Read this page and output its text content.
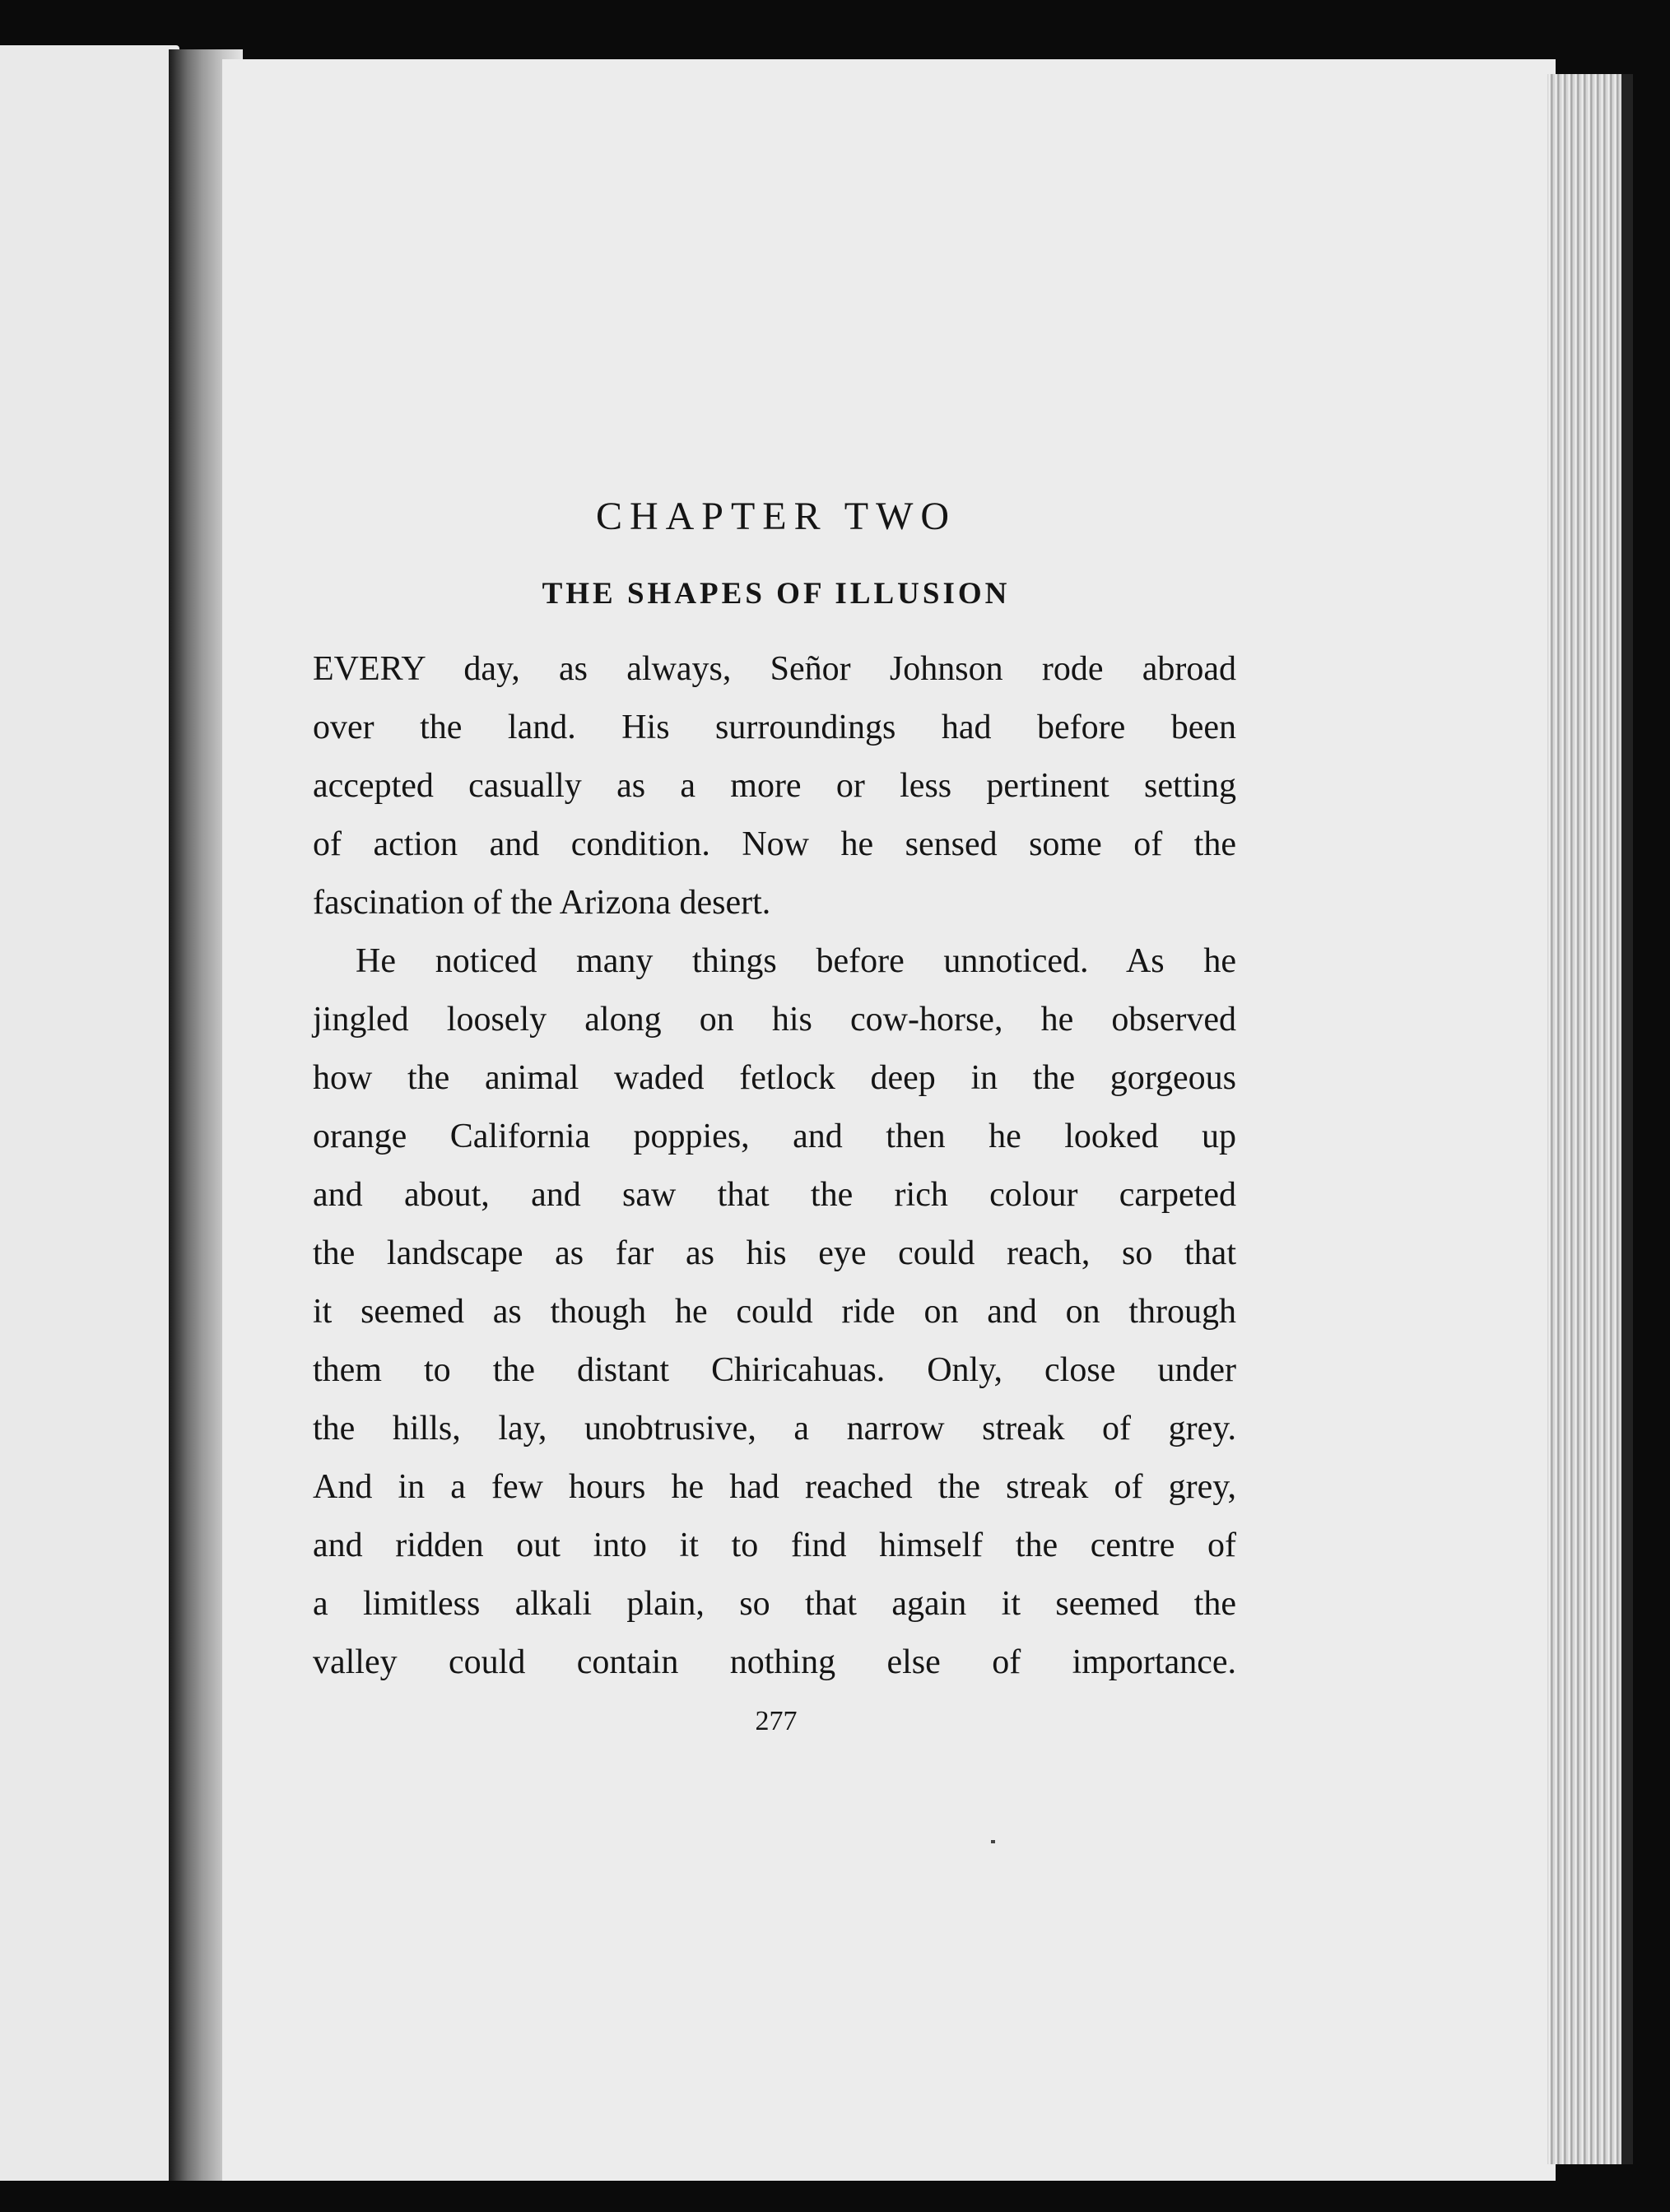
CHAPTER TWO
THE SHAPES OF ILLUSION
EVERY day, as always, Señor Johnson rode abroad
over the land. His surroundings had before been
accepted casually as a more or less pertinent setting
of action and condition. Now he sensed some of the
fascination of the Arizona desert.
He noticed many things before unnoticed. As he
jingled loosely along on his cow-horse, he observed
how the animal waded fetlock deep in the gorgeous
orange California poppies, and then he looked up
and about, and saw that the rich colour carpeted
the landscape as far as his eye could reach, so that
it seemed as though he could ride on and on through
them to the distant Chiricahuas. Only, close under
the hills, lay, unobtrusive, a narrow streak of grey.
And in a few hours he had reached the streak of grey,
and ridden out into it to find himself the centre of
a limitless alkali plain, so that again it seemed the
valley could contain nothing else of importance.
277
